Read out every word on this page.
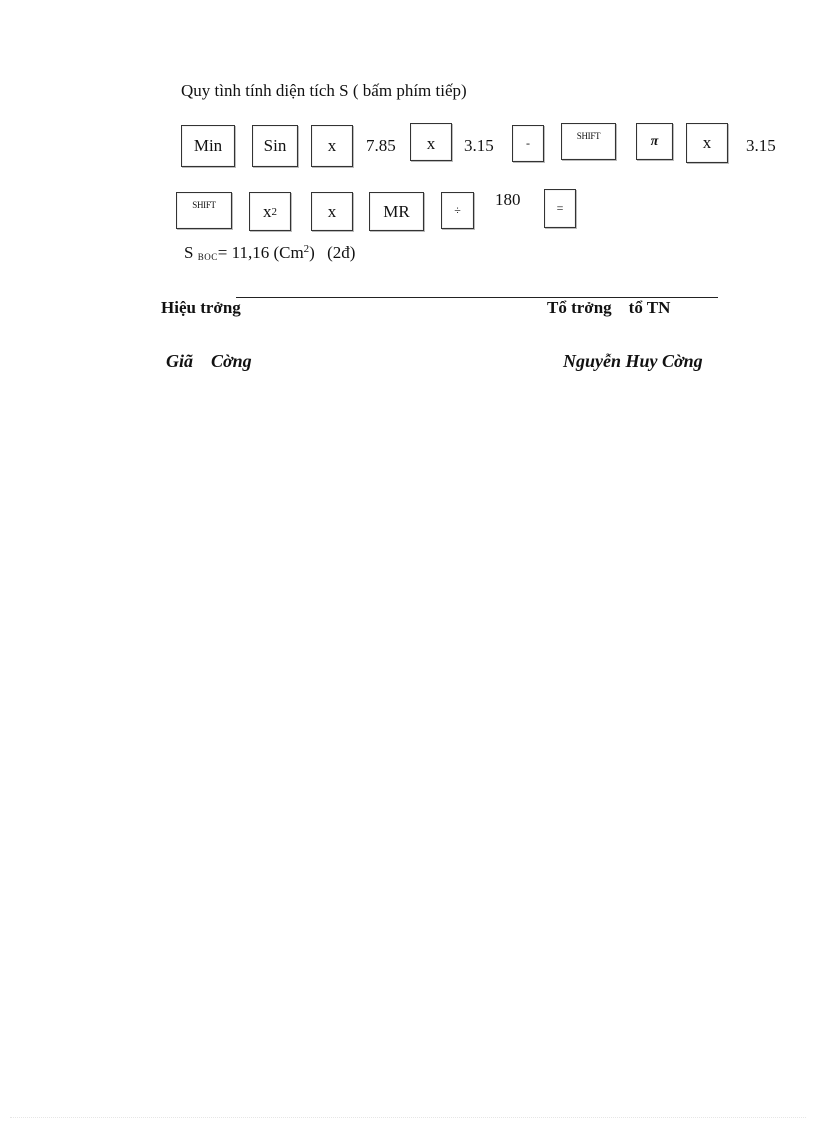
Quy tình tính diện tích S ( bấm phím tiếp)
Min	Sin	x	7.85	x	3.15	-	SHIFT	π	x	3.15
SHIFT	x 2	x	MR	÷
180	=
S $_{BOC}$= 11,16 (Cm$^2$) (2đ)
Hiệu trởng	Tổ trởng    tổ TN
Giã    Cờng	Nguyễn Huy Cờng
